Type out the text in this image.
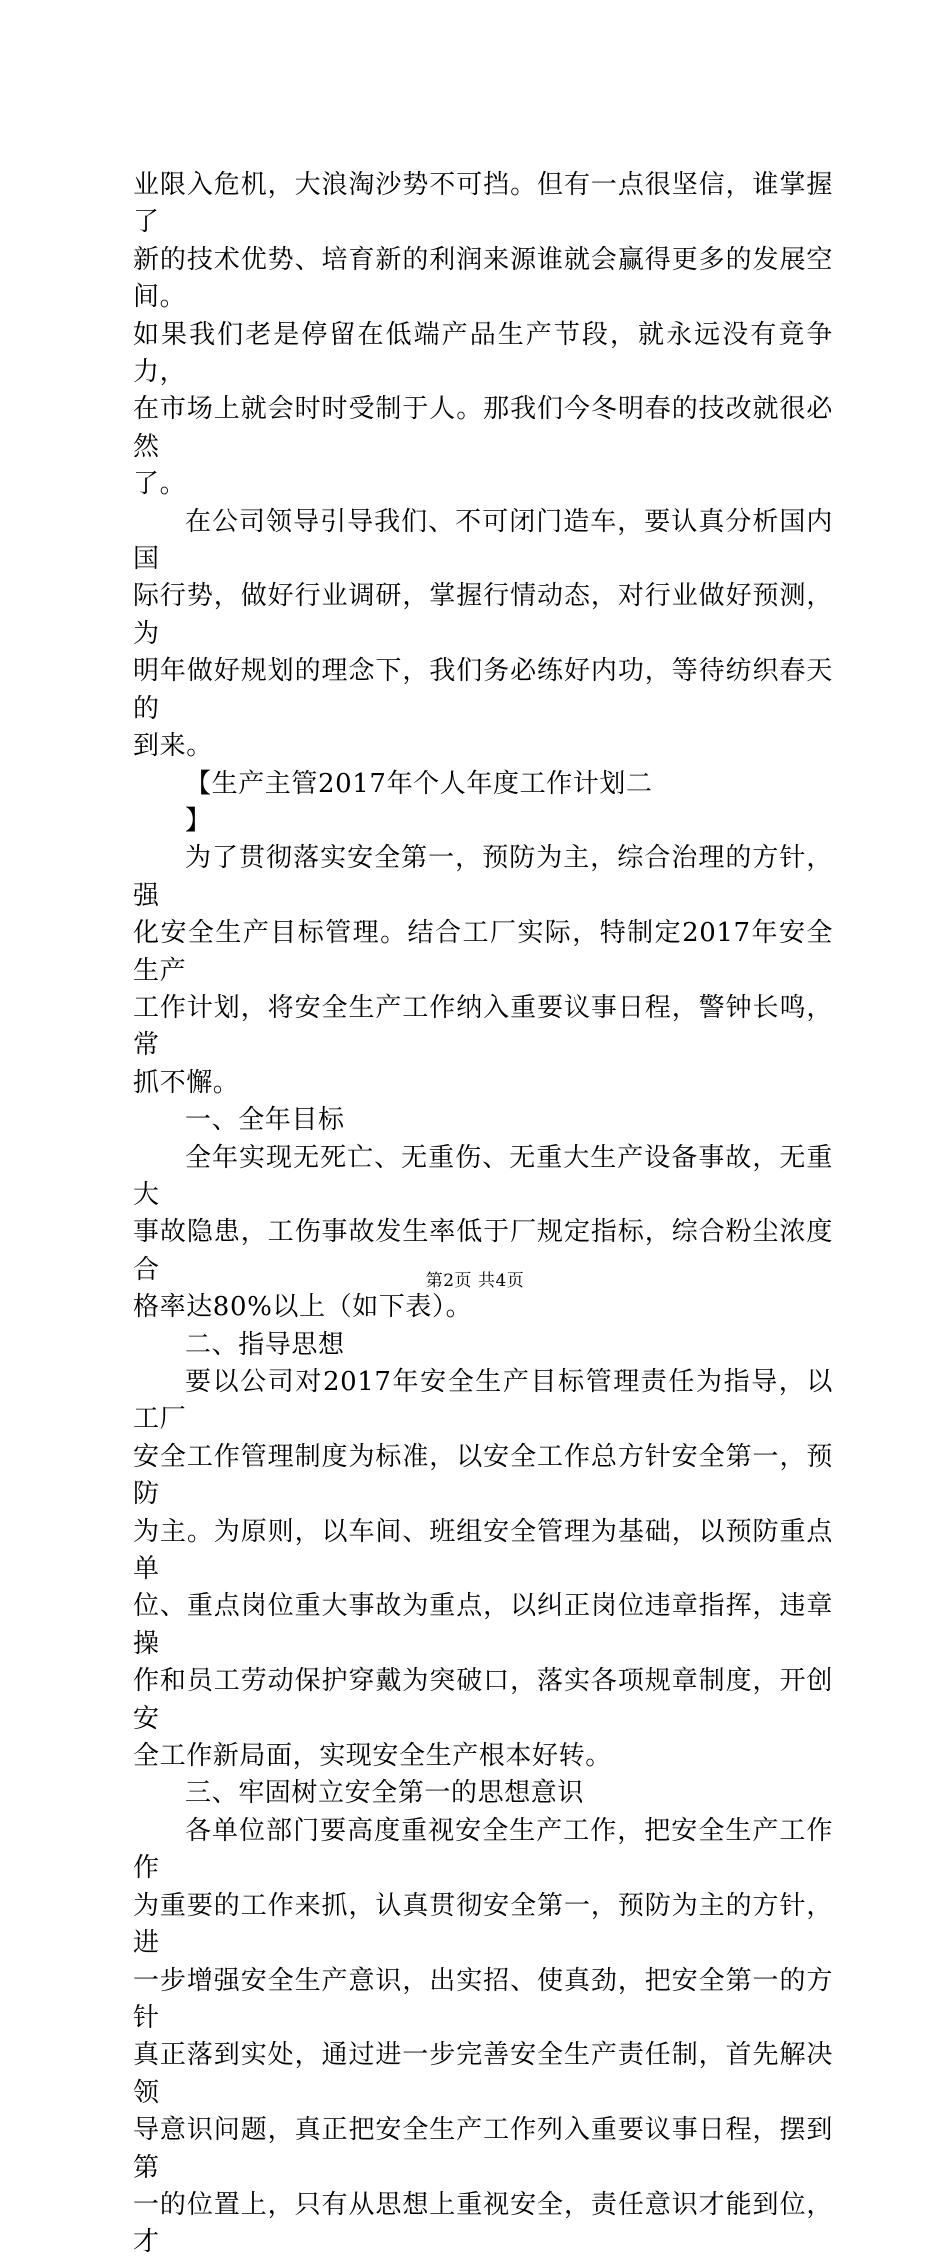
业限入危机，大浪淘沙势不可挡。但有一点很坚信，谁掌握了
新的技术优势、培育新的利润来源谁就会赢得更多的发展空间。
如果我们老是停留在低端产品生产节段，就永远没有竟争力，
在市场上就会时时受制于人。那我们今冬明春的技改就很必然
了。

在公司领导引导我们、不可闭门造车，要认真分析国内国
际行势，做好行业调研，掌握行情动态，对行业做好预测，为
明年做好规划的理念下，我们务必练好内功，等待纺织春天的
到来。

【生产主管2017年个人年度工作计划二
】

为了贯彻落实安全第一，预防为主，综合治理的方针，强
化安全生产目标管理。结合工厂实际，特制定2017年安全生产
工作计划，将安全生产工作纳入重要议事日程，警钟长鸣，常
抓不懈。

一、全年目标

全年实现无死亡、无重伤、无重大生产设备事故，无重大
事故隐患，工伤事故发生率低于厂规定指标，综合粉尘浓度合
格率达80%以上（如下表）。

二、指导思想

要以公司对2017年安全生产目标管理责任为指导，以工厂
安全工作管理制度为标准，以安全工作总方针安全第一，预防
为主。为原则，以车间、班组安全管理为基础，以预防重点单
位、重点岗位重大事故为重点，以纠正岗位违章指挥，违章操
作和员工劳动保护穿戴为突破口，落实各项规章制度，开创安
全工作新局面，实现安全生产根本好转。

三、牢固树立安全第一的思想意识

各单位部门要高度重视安全生产工作，把安全生产工作作
为重要的工作来抓，认真贯彻安全第一，预防为主的方针，进
一步增强安全生产意识，出实招、使真劲，把安全第一的方针
真正落到实处，通过进一步完善安全生产责任制，首先解决领
导意识问题，真正把安全生产工作列入重要议事日程，摆到第
一的位置上，只有从思想上重视安全，责任意识才能到位，才

第2页 共4页
